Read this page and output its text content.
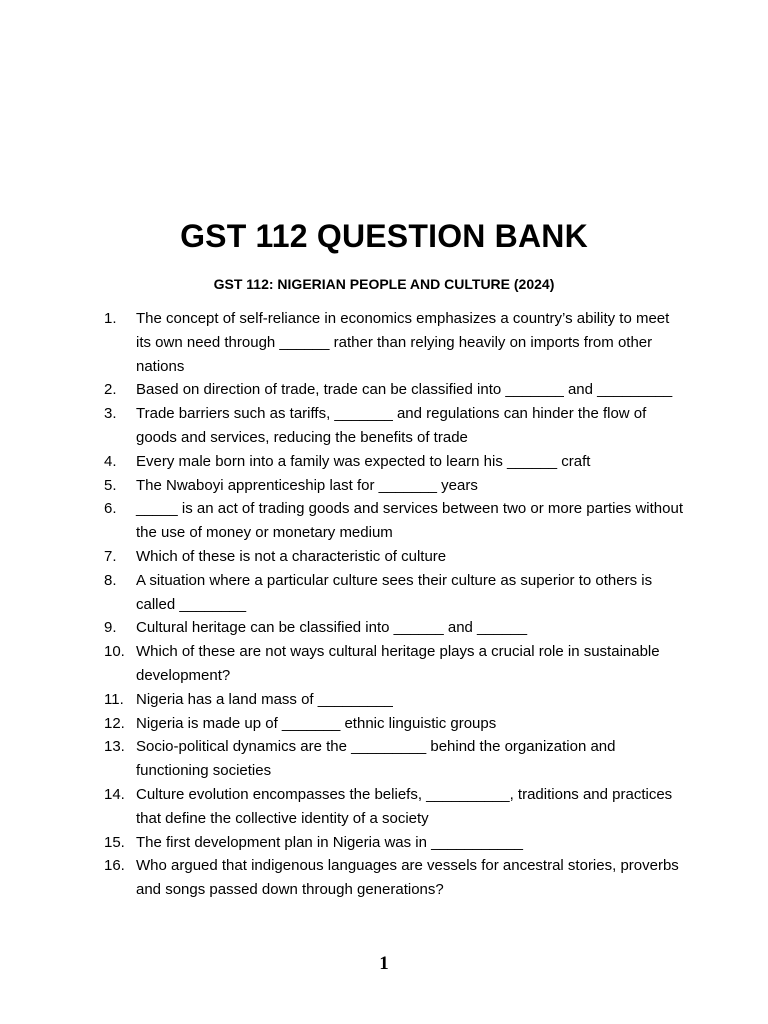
GST 112 QUESTION BANK
GST 112: NIGERIAN PEOPLE AND CULTURE (2024)
1.	The concept of self-reliance in economics emphasizes a country’s ability to meet its own need through ______ rather than relying heavily on imports from other nations
2.	Based on direction of trade, trade can be classified into _______ and _________
3.	Trade barriers such as tariffs, _______ and regulations can hinder the flow of goods and services, reducing the benefits of trade
4.	Every male born into a family was expected to learn his ______ craft
5.	The Nwaboyi apprenticeship last for _______ years
6.	_____ is an act of trading goods and services between two or more parties without the use of money or monetary medium
7.	Which of these is not a characteristic of culture
8.	A situation where a particular culture sees their culture as superior to others is called ________
9.	Cultural heritage can be classified into ______ and ______
10. Which of these are not ways cultural heritage plays a crucial role in sustainable development?
11. Nigeria has a land mass of _________
12. Nigeria is made up of _______ ethnic linguistic groups
13. Socio-political dynamics are the _________ behind the organization and functioning societies
14. Culture evolution encompasses the beliefs, __________, traditions and practices that define the collective identity of a society
15. The first development plan in Nigeria was in ___________
16. Who argued that indigenous languages are vessels for ancestral stories, proverbs and songs passed down through generations?
1
